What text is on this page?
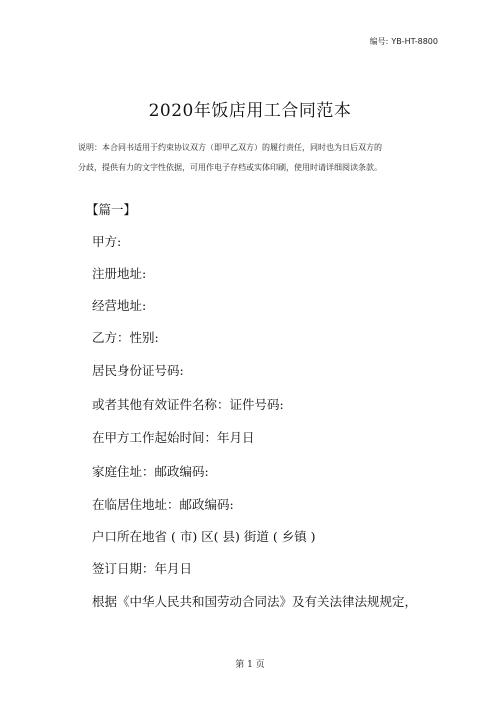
编号: YB-HT-8800
2020年饭店用工合同范本

说明：本合同书适用于约束协议双方（即甲乙双方）的履行责任，同时也为日后双方的

分歧，提供有力的文字性依据，可用作电子存档或实体印刷，使用时请详细阅读条款。

【篇一】
甲方:
注册地址:
经营地址:
乙方：性别:
居民身份证号码:
或者其他有效证件名称：证件号码:
在甲方工作起始时间：年月日
家庭住址：邮政编码:
在临居住地址：邮政编码:
户口所在地省 ( 市) 区( 县) 街道 ( 乡镇 )
签订日期：年月日
根据《中华人民共和国劳动合同法》及有关法律法规规定，
第 1 页
